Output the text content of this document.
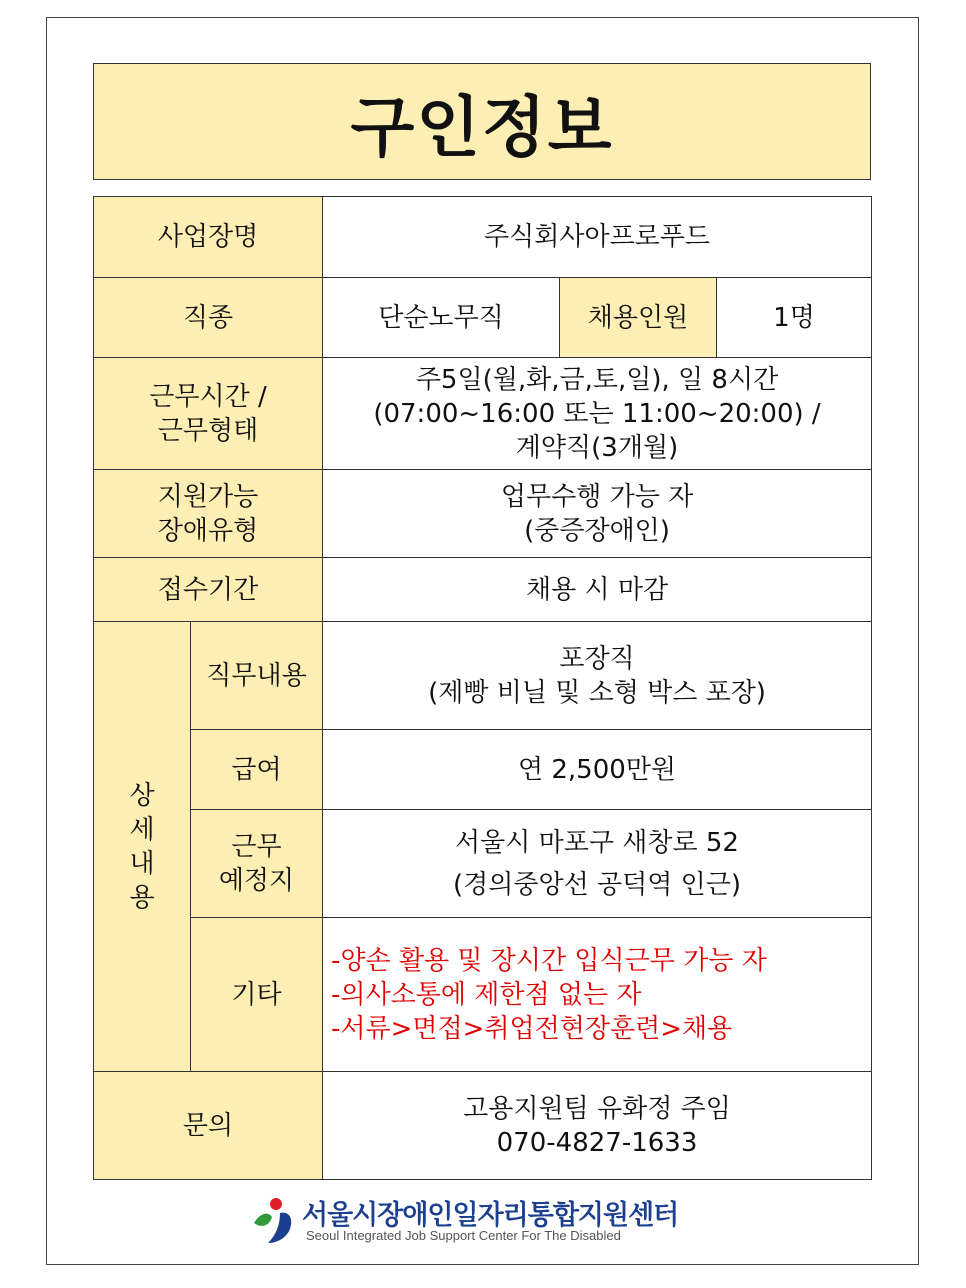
구인정보
사업장명		주식회사아프로푸드		
직종		단순노무직	채용인원	1명

근무시간 /
근무형태		주5일(월,화,금,토,일), 일 8시간
(07:00~16:00 또는 11:00~20:00) /
계약직(3개월)		

지원가능
장애유형		업무수행 가능 자
(중증장애인)		

접수기간		채용 시 마감		

상
세
내
용	직무내용	포장직
(제빵 비닐 및 소형 박스 포장)		

	급여	연 2,500만원		

	근무
예정지	서울시 마포구 새창로 52
(경의중앙선 공덕역 인근)		

	기타	-양손 활용 및 장시간 입식근무 가능 자
-의사소통에 제한점 없는 자
-서류>면접>취업전현장훈련>채용		

문의		고용지원팀 유화정 주임
070-4827-1633		
서울시장애인일자리통합지원센터
Seoul Integrated Job Support Center For The Disabled
